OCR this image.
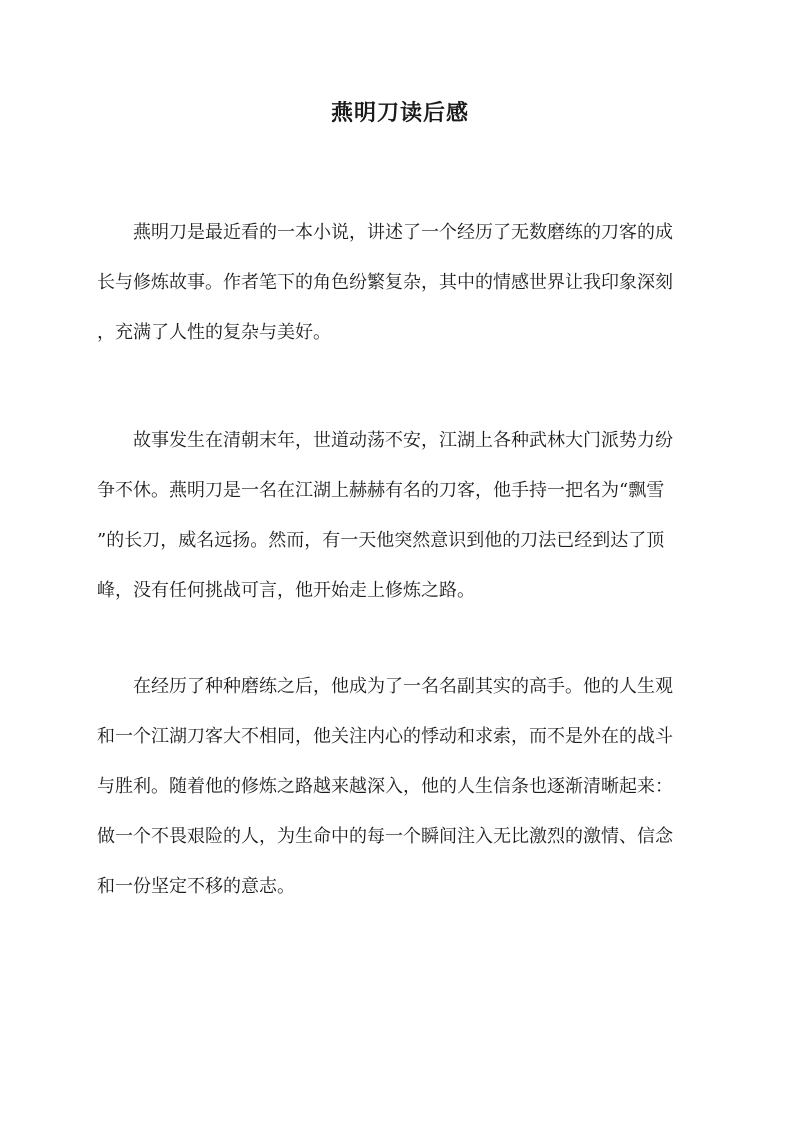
燕明刀读后感

燕明刀是最近看的一本小说，讲述了一个经历了无数磨练的刀客的成
长与修炼故事。作者笔下的角色纷繁复杂，其中的情感世界让我印象深刻
，充满了人性的复杂与美好。

故事发生在清朝末年，世道动荡不安，江湖上各种武林大门派势力纷
争不休。燕明刀是一名在江湖上赫赫有名的刀客，他手持一把名为“飘雪
”的长刀，威名远扬。然而，有一天他突然意识到他的刀法已经到达了顶
峰，没有任何挑战可言，他开始走上修炼之路。

在经历了种种磨练之后，他成为了一名名副其实的高手。他的人生观
和一个江湖刀客大不相同，他关注内心的悸动和求索，而不是外在的战斗
与胜利。随着他的修炼之路越来越深入，他的人生信条也逐渐清晰起来：
做一个不畏艰险的人，为生命中的每一个瞬间注入无比激烈的激情、信念
和一份坚定不移的意志。
